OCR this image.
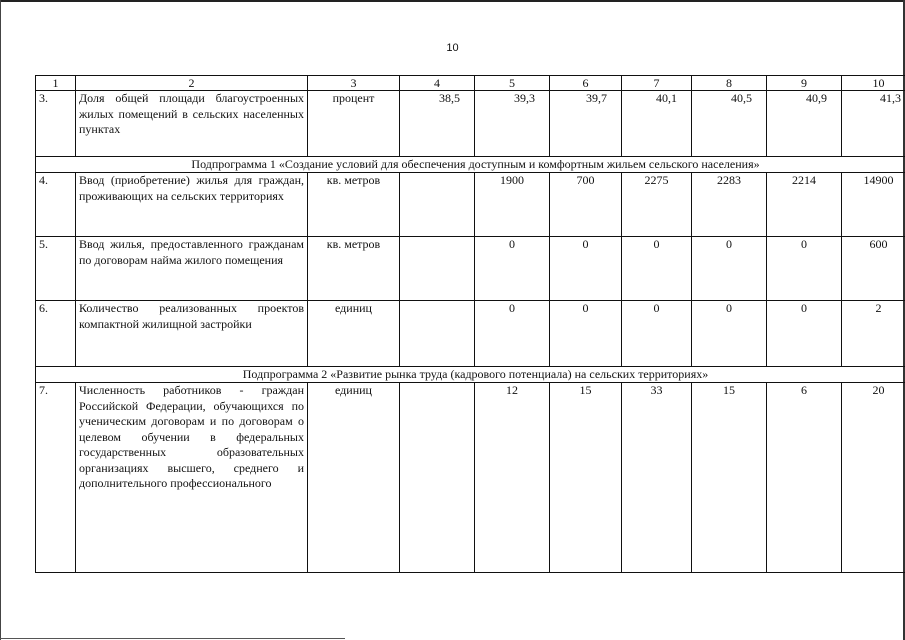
10
1	2	3	4	5	6	7	8	9	10
3.	Доля общей площади благоустроенных жилых помещений в сельских населенных пунктах	процент	38,5	39,3	39,7	40,1	40,5	40,9	41,3
Подпрограмма 1 «Создание условий для обеспечения доступным и комфортным жильем сельского населения»									
4.	Ввод (приобретение) жилья для граждан, проживающих на сельских территориях	кв. метров		1900	700	2275	2283	2214	14900
5.	Ввод жилья, предоставленного гражданам по договорам найма жилого помещения	кв. метров		0	0	0	0	0	600
6.	Количество реализованных проектов компактной жилищной застройки	единиц		0	0	0	0	0	2
Подпрограмма 2 «Развитие рынка труда (кадрового потенциала) на сельских территориях»									
7.	Численность работников - граждан Российской Федерации, обучающихся по ученическим договорам и по договорам о целевом обучении в федеральных государственных образовательных организациях высшего, среднего и дополнительного профессионального	единиц		12	15	33	15	6	20
